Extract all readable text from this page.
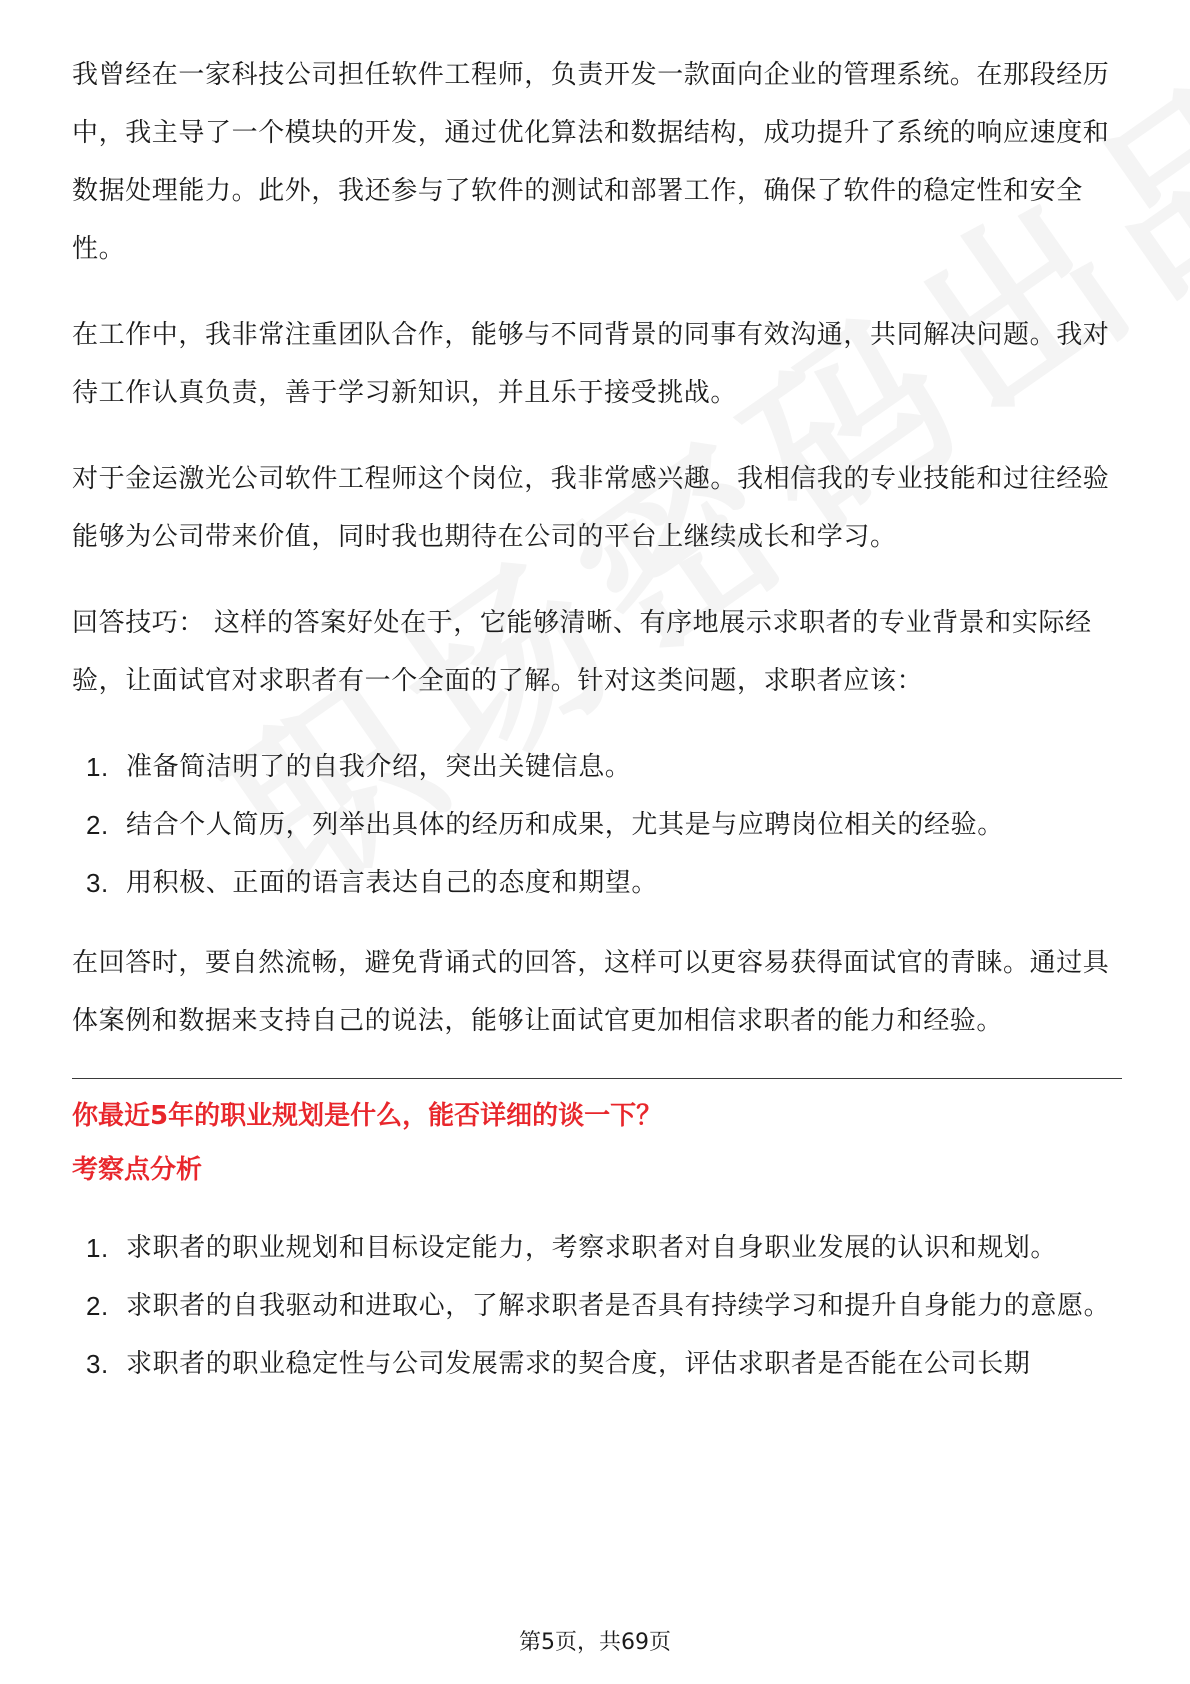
我曾经在一家科技公司担任软件工程师，负责开发一款面向企业的管理系统。在那段经历中，我主导了一个模块的开发，通过优化算法和数据结构，成功提升了系统的响应速度和数据处理能力。此外，我还参与了软件的测试和部署工作，确保了软件的稳定性和安全性。

在工作中，我非常注重团队合作，能够与不同背景的同事有效沟通，共同解决问题。我对待工作认真负责，善于学习新知识，并且乐于接受挑战。

对于金运激光公司软件工程师这个岗位，我非常感兴趣。我相信我的专业技能和过往经验能够为公司带来价值，同时我也期待在公司的平台上继续成长和学习。

回答技巧： 这样的答案好处在于，它能够清晰、有序地展示求职者的专业背景和实际经验，让面试官对求职者有一个全面的了解。针对这类问题，求职者应该：

1. 准备简洁明了的自我介绍，突出关键信息。
2. 结合个人简历，列举出具体的经历和成果，尤其是与应聘岗位相关的经验。
3. 用积极、正面的语言表达自己的态度和期望。

在回答时，要自然流畅，避免背诵式的回答，这样可以更容易获得面试官的青睐。通过具体案例和数据来支持自己的说法，能够让面试官更加相信求职者的能力和经验。

你最近5年的职业规划是什么，能否详细的谈一下？
考察点分析
1. 求职者的职业规划和目标设定能力，考察求职者对自身职业发展的认识和规划。
2. 求职者的自我驱动和进取心，了解求职者是否具有持续学习和提升自身能力的意愿。
3. 求职者的职业稳定性与公司发展需求的契合度，评估求职者是否能在公司长期
第5页，共69页
